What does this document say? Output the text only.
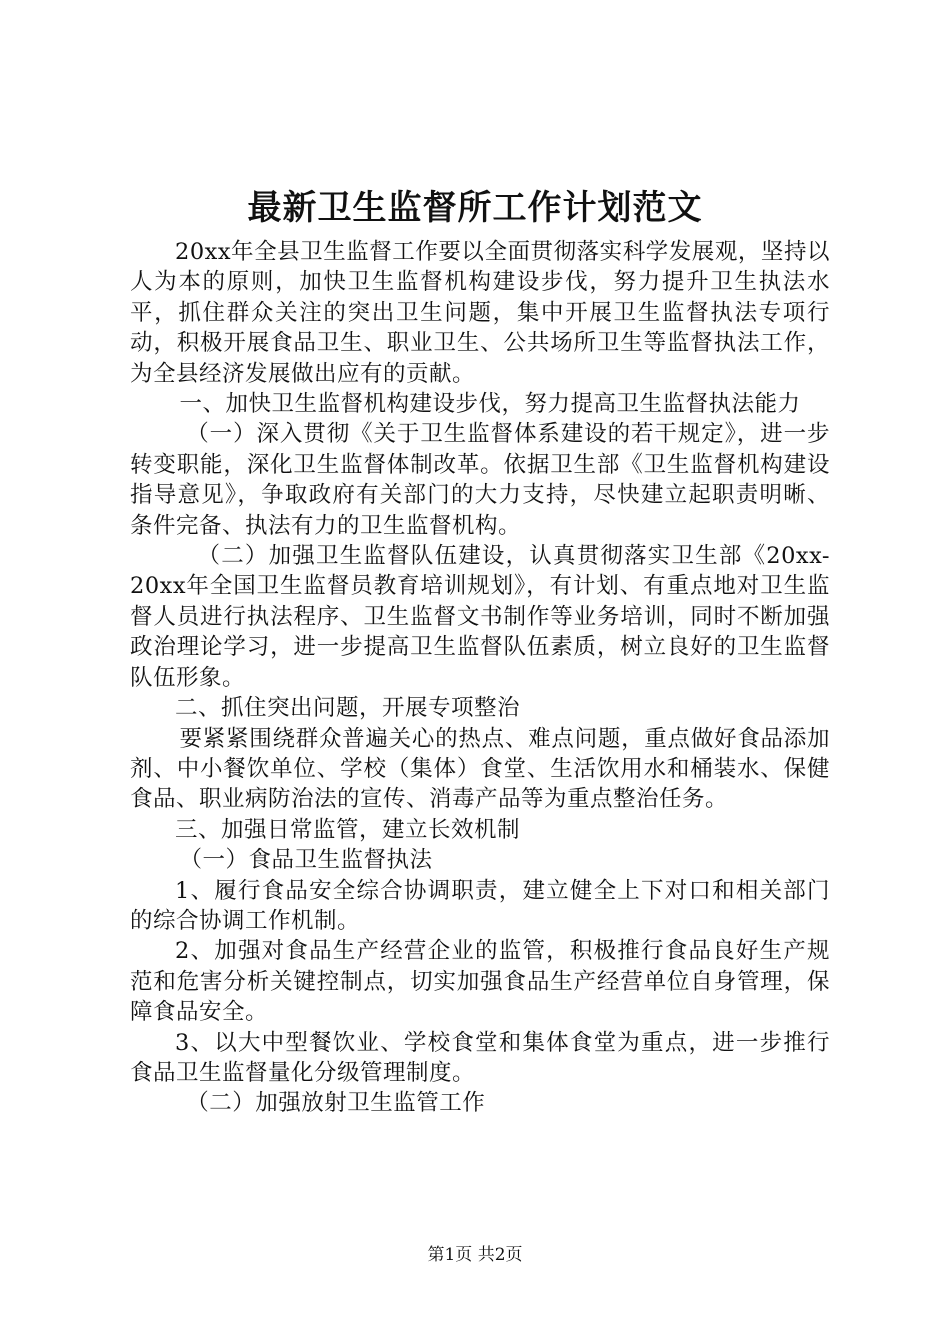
最新卫生监督所工作计划范文

20xx年全县卫生监督工作要以全面贯彻落实科学发展观，坚持以人为本的原则，加快卫生监督机构建设步伐，努力提升卫生执法水平，抓住群众关注的突出卫生问题，集中开展卫生监督执法专项行动，积极开展食品卫生、职业卫生、公共场所卫生等监督执法工作，为全县经济发展做出应有的贡献。

一、加快卫生监督机构建设步伐，努力提高卫生监督执法能力

（一）深入贯彻《关于卫生监督体系建设的若干规定》，进一步转变职能，深化卫生监督体制改革。依据卫生部《卫生监督机构建设指导意见》，争取政府有关部门的大力支持，尽快建立起职责明晰、条件完备、执法有力的卫生监督机构。

（二）加强卫生监督队伍建设，认真贯彻落实卫生部《20xx-20xx年全国卫生监督员教育培训规划》，有计划、有重点地对卫生监督人员进行执法程序、卫生监督文书制作等业务培训，同时不断加强政治理论学习，进一步提高卫生监督队伍素质，树立良好的卫生监督队伍形象。

二、抓住突出问题，开展专项整治

要紧紧围绕群众普遍关心的热点、难点问题，重点做好食品添加剂、中小餐饮单位、学校（集体）食堂、生活饮用水和桶装水、保健食品、职业病防治法的宣传、消毒产品等为重点整治任务。

三、加强日常监管，建立长效机制

（一）食品卫生监督执法

1、履行食品安全综合协调职责，建立健全上下对口和相关部门的综合协调工作机制。

2、加强对食品生产经营企业的监管，积极推行食品良好生产规范和危害分析关键控制点，切实加强食品生产经营单位自身管理，保障食品安全。

3、以大中型餐饮业、学校食堂和集体食堂为重点，进一步推行食品卫生监督量化分级管理制度。

（二）加强放射卫生监管工作

第1页 共2页
